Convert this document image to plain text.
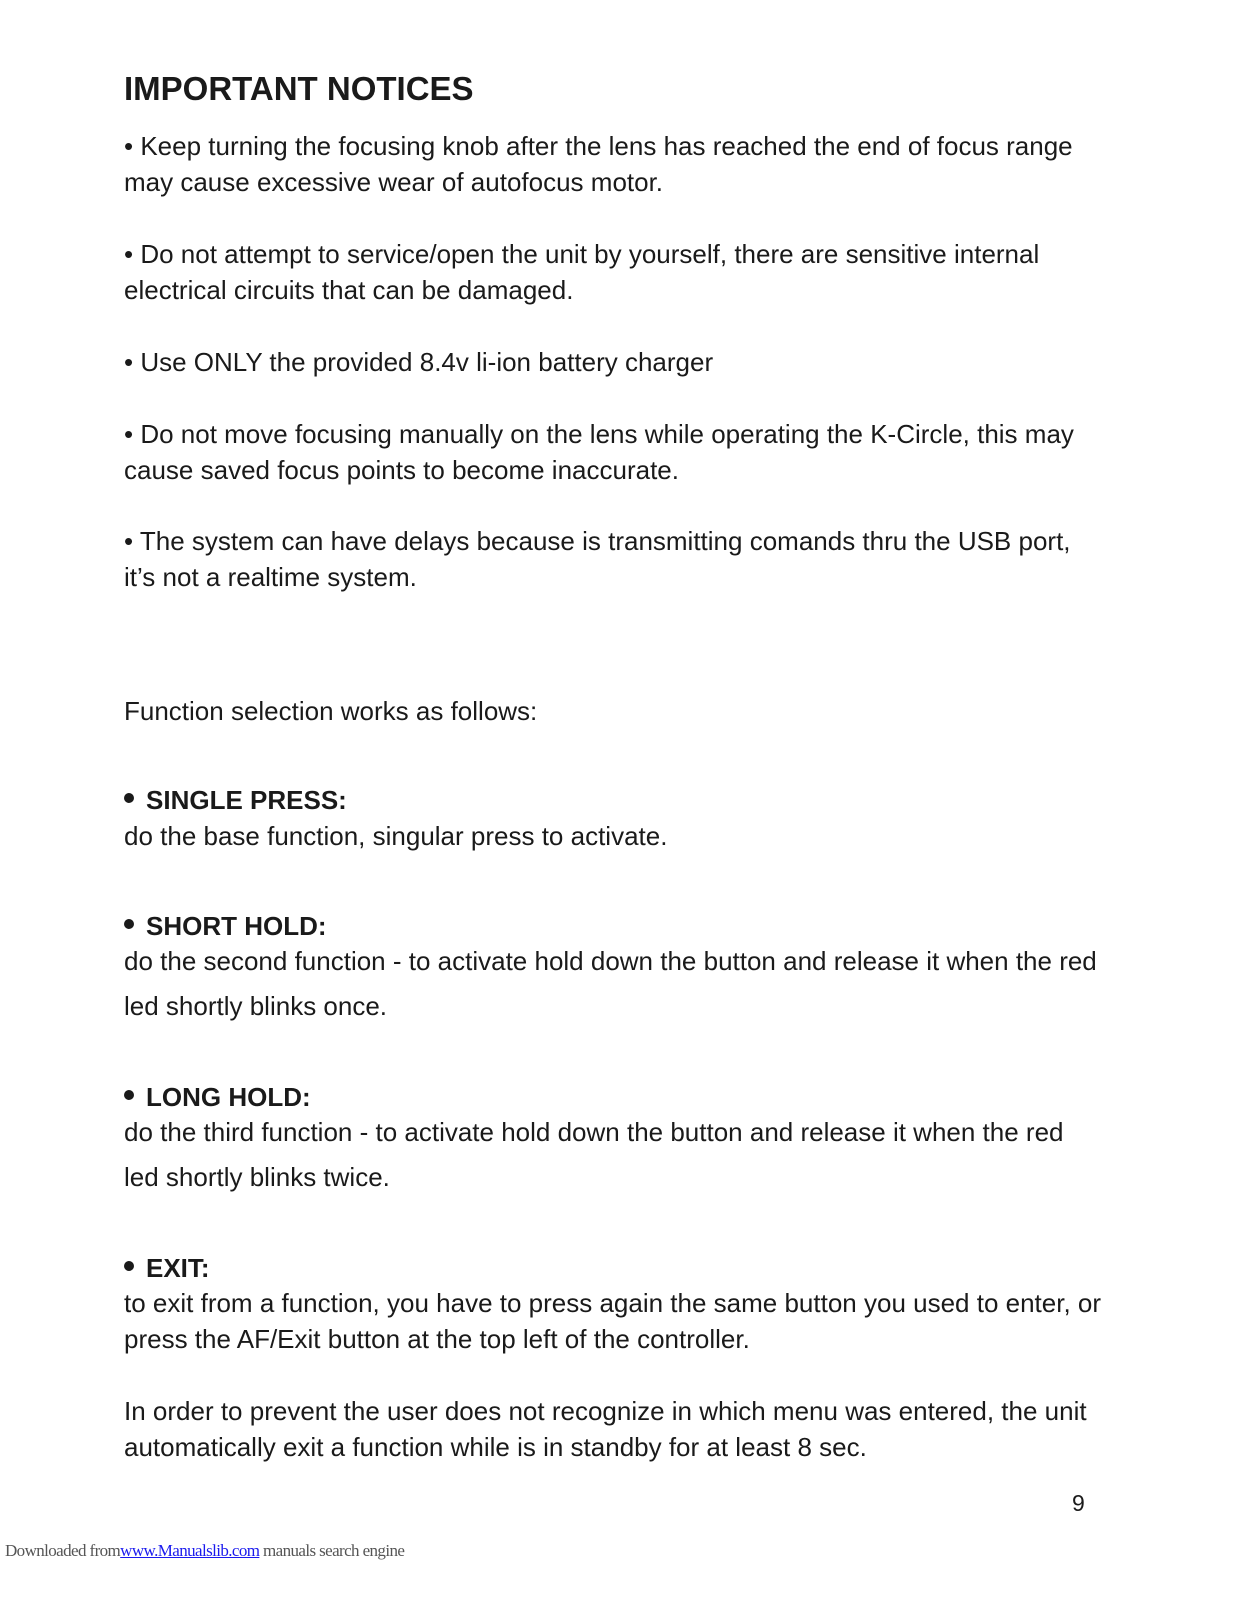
IMPORTANT NOTICES

• Keep turning the focusing knob after the lens has reached the end of focus range may cause excessive wear of autofocus motor.

• Do not attempt to service/open the unit by yourself, there are sensitive internal electrical circuits that can be damaged.

• Use ONLY the provided 8.4v li-ion battery charger

• Do not move focusing manually on the lens while operating the K-Circle, this may cause saved focus points to become inaccurate.

• The system can have delays because is transmitting comands thru the USB port, it’s not a realtime system.

Function selection works as follows:

SINGLE PRESS:

do the base function, singular press to activate.

SHORT HOLD:

do the second function - to activate hold down the button and release it when the red led shortly blinks once.

LONG HOLD:

do the third function - to activate hold down the button and release it when the red led shortly blinks twice.

EXIT:

to exit from a function, you have to press again the same button you used to enter, or press the AF/Exit button at the top left of the controller.

In order to prevent the user does not recognize in which menu was entered, the unit automatically exit a function while is in standby for at least 8 sec.

9
Downloaded fromwww.Manualslib.com manuals search engine
